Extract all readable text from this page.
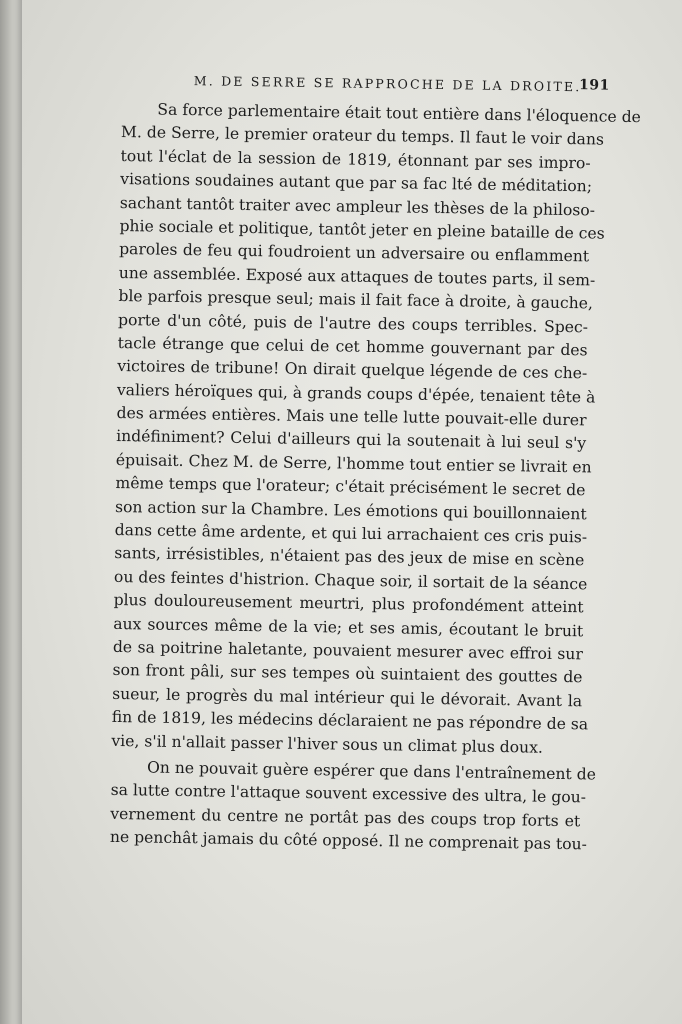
M. DE SERRE SE RAPPROCHE DE LA DROITE.
191
Sa force parlementaire était tout entière dans l'éloquence de
M. de Serre, le premier orateur du temps. Il faut le voir dans
tout l'éclat de la session de 1819, étonnant par ses impro-
visations soudaines autant que par sa fac lté de méditation;
sachant tantôt traiter avec ampleur les thèses de la philoso-
phie sociale et politique, tantôt jeter en pleine bataille de ces
paroles de feu qui foudroient un adversaire ou enflamment
une assemblée. Exposé aux attaques de toutes parts, il sem-
ble parfois presque seul; mais il fait face à droite, à gauche,
porte d'un côté, puis de l'autre des coups terribles. Spec-
tacle étrange que celui de cet homme gouvernant par des
victoires de tribune! On dirait quelque légende de ces che-
valiers héroïques qui, à grands coups d'épée, tenaient tête à
des armées entières. Mais une telle lutte pouvait-elle durer
indéfiniment? Celui d'ailleurs qui la soutenait à lui seul s'y
épuisait. Chez M. de Serre, l'homme tout entier se livrait en
même temps que l'orateur; c'était précisément le secret de
son action sur la Chambre. Les émotions qui bouillonnaient
dans cette âme ardente, et qui lui arrachaient ces cris puis-
sants, irrésistibles, n'étaient pas des jeux de mise en scène
ou des feintes d'histrion. Chaque soir, il sortait de la séance
plus douloureusement meurtri, plus profondément atteint
aux sources même de la vie; et ses amis, écoutant le bruit
de sa poitrine haletante, pouvaient mesurer avec effroi sur
son front pâli, sur ses tempes où suintaient des gouttes de
sueur, le progrès du mal intérieur qui le dévorait. Avant la
fin de 1819, les médecins déclaraient ne pas répondre de sa
vie, s'il n'allait passer l'hiver sous un climat plus doux.
On ne pouvait guère espérer que dans l'entraînement de
sa lutte contre l'attaque souvent excessive des ultra, le gou-
vernement du centre ne portât pas des coups trop forts et
ne penchât jamais du côté opposé. Il ne comprenait pas tou-
